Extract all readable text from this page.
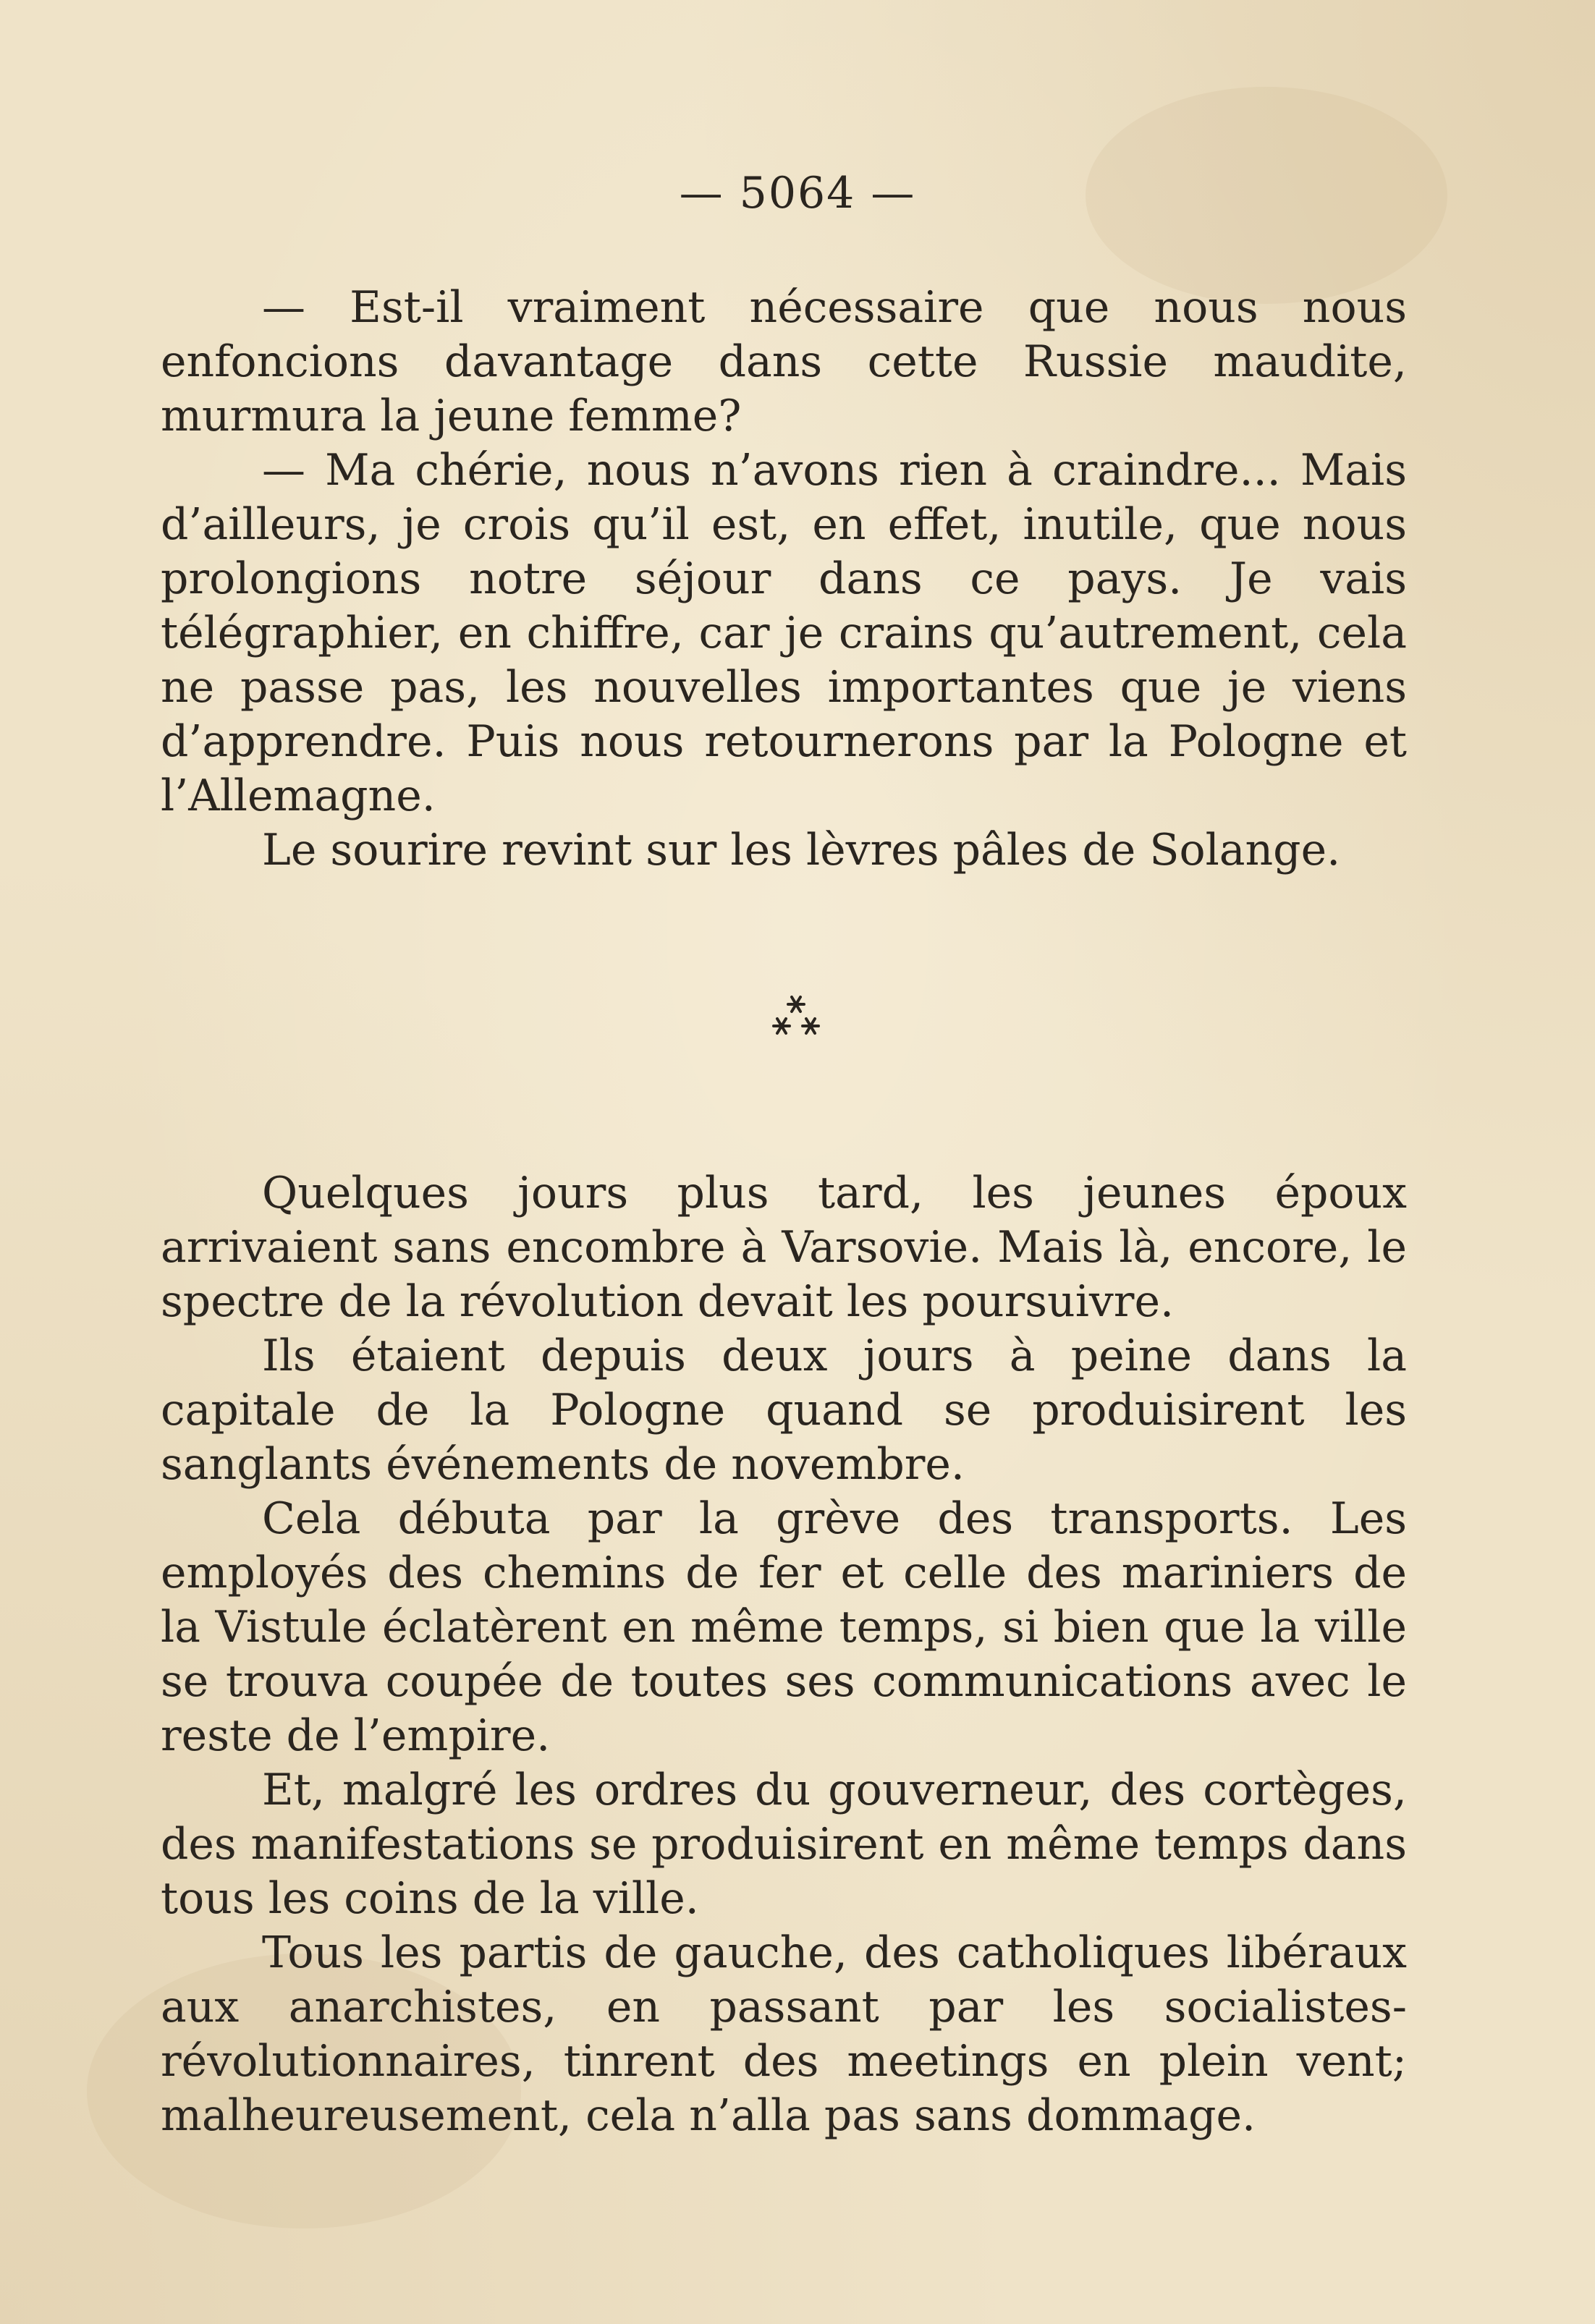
— 5064 —

— Est-il vraiment nécessaire que nous nous enfoncions davantage dans cette Russie maudite, murmura la jeune femme?

— Ma chérie, nous n’avons rien à craindre... Mais d’ailleurs, je crois qu’il est, en effet, inutile, que nous prolongions notre séjour dans ce pays. Je vais télégraphier, en chiffre, car je crains qu’autrement, cela ne passe pas, les nouvelles importantes que je viens d’apprendre. Puis nous retournerons par la Pologne et l’Allemagne.

Le sourire revint sur les lèvres pâles de Solange.

Quelques jours plus tard, les jeunes époux arrivaient sans encombre à Varsovie. Mais là, encore, le spectre de la révolution devait les poursuivre.

Ils étaient depuis deux jours à peine dans la capitale de la Pologne quand se produisirent les sanglants événements de novembre.

Cela débuta par la grève des transports. Les employés des chemins de fer et celle des mariniers de la Vistule éclatèrent en même temps, si bien que la ville se trouva coupée de toutes ses communications avec le reste de l’empire.

Et, malgré les ordres du gouverneur, des cortèges, des manifestations se produisirent en même temps dans tous les coins de la ville.

Tous les partis de gauche, des catholiques libéraux aux anarchistes, en passant par les socialistes-révolutionnaires, tinrent des meetings en plein vent; malheureusement, cela n’alla pas sans dommage.
